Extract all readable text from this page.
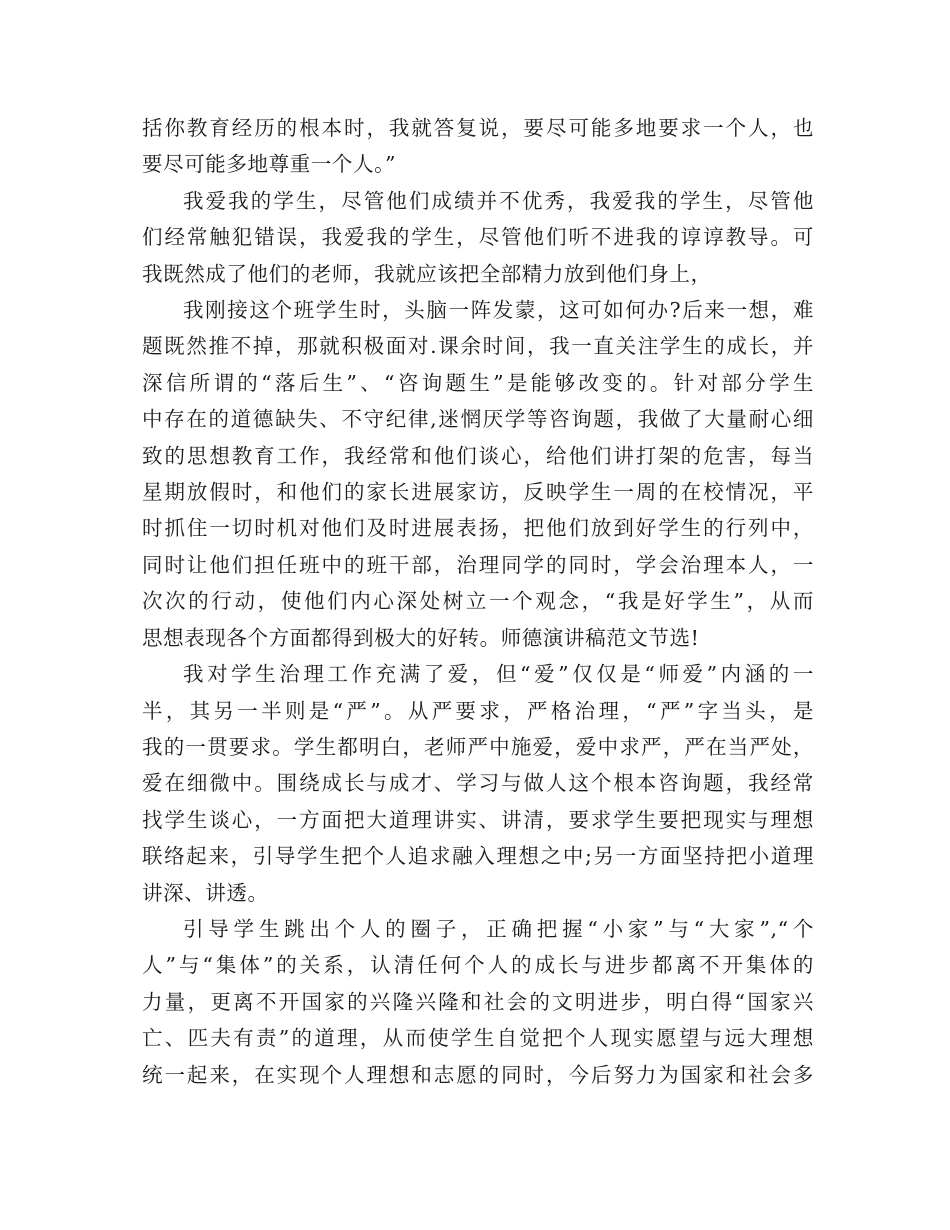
括你教育经历的根本时，我就答复说，要尽可能多地要求一个人，也
要尽可能多地尊重一个人。”

我爱我的学生，尽管他们成绩并不优秀，我爱我的学生，尽管他
们经常触犯错误，我爱我的学生，尽管他们听不进我的谆谆教导。可
我既然成了他们的老师，我就应该把全部精力放到他们身上，

我刚接这个班学生时，头脑一阵发蒙，这可如何办?后来一想，难
题既然推不掉，那就积极面对.课余时间，我一直关注学生的成长，并
深信所谓的“落后生”、“咨询题生”是能够改变的。针对部分学生
中存在的道德缺失、不守纪律,迷惘厌学等咨询题，我做了大量耐心细
致的思想教育工作，我经常和他们谈心，给他们讲打架的危害，每当
星期放假时，和他们的家长进展家访，反映学生一周的在校情况，平
时抓住一切时机对他们及时进展表扬，把他们放到好学生的行列中，
同时让他们担任班中的班干部，治理同学的同时，学会治理本人，一
次次的行动，使他们内心深处树立一个观念，“我是好学生”，从而
思想表现各个方面都得到极大的好转。师德演讲稿范文节选!

我对学生治理工作充满了爱，但“爱”仅仅是“师爱”内涵的一
半，其另一半则是“严”。从严要求，严格治理，“严”字当头，是
我的一贯要求。学生都明白，老师严中施爱，爱中求严，严在当严处，
爱在细微中。围绕成长与成才、学习与做人这个根本咨询题，我经常
找学生谈心，一方面把大道理讲实、讲清，要求学生要把现实与理想
联络起来，引导学生把个人追求融入理想之中;另一方面坚持把小道理
讲深、讲透。

引导学生跳出个人的圈子，正确把握“小家”与“大家”,“个
人”与“集体”的关系，认清任何个人的成长与进步都离不开集体的
力量，更离不开国家的兴隆兴隆和社会的文明进步，明白得“国家兴
亡、匹夫有责”的道理，从而使学生自觉把个人现实愿望与远大理想
统一起来，在实现个人理想和志愿的同时，今后努力为国家和社会多
